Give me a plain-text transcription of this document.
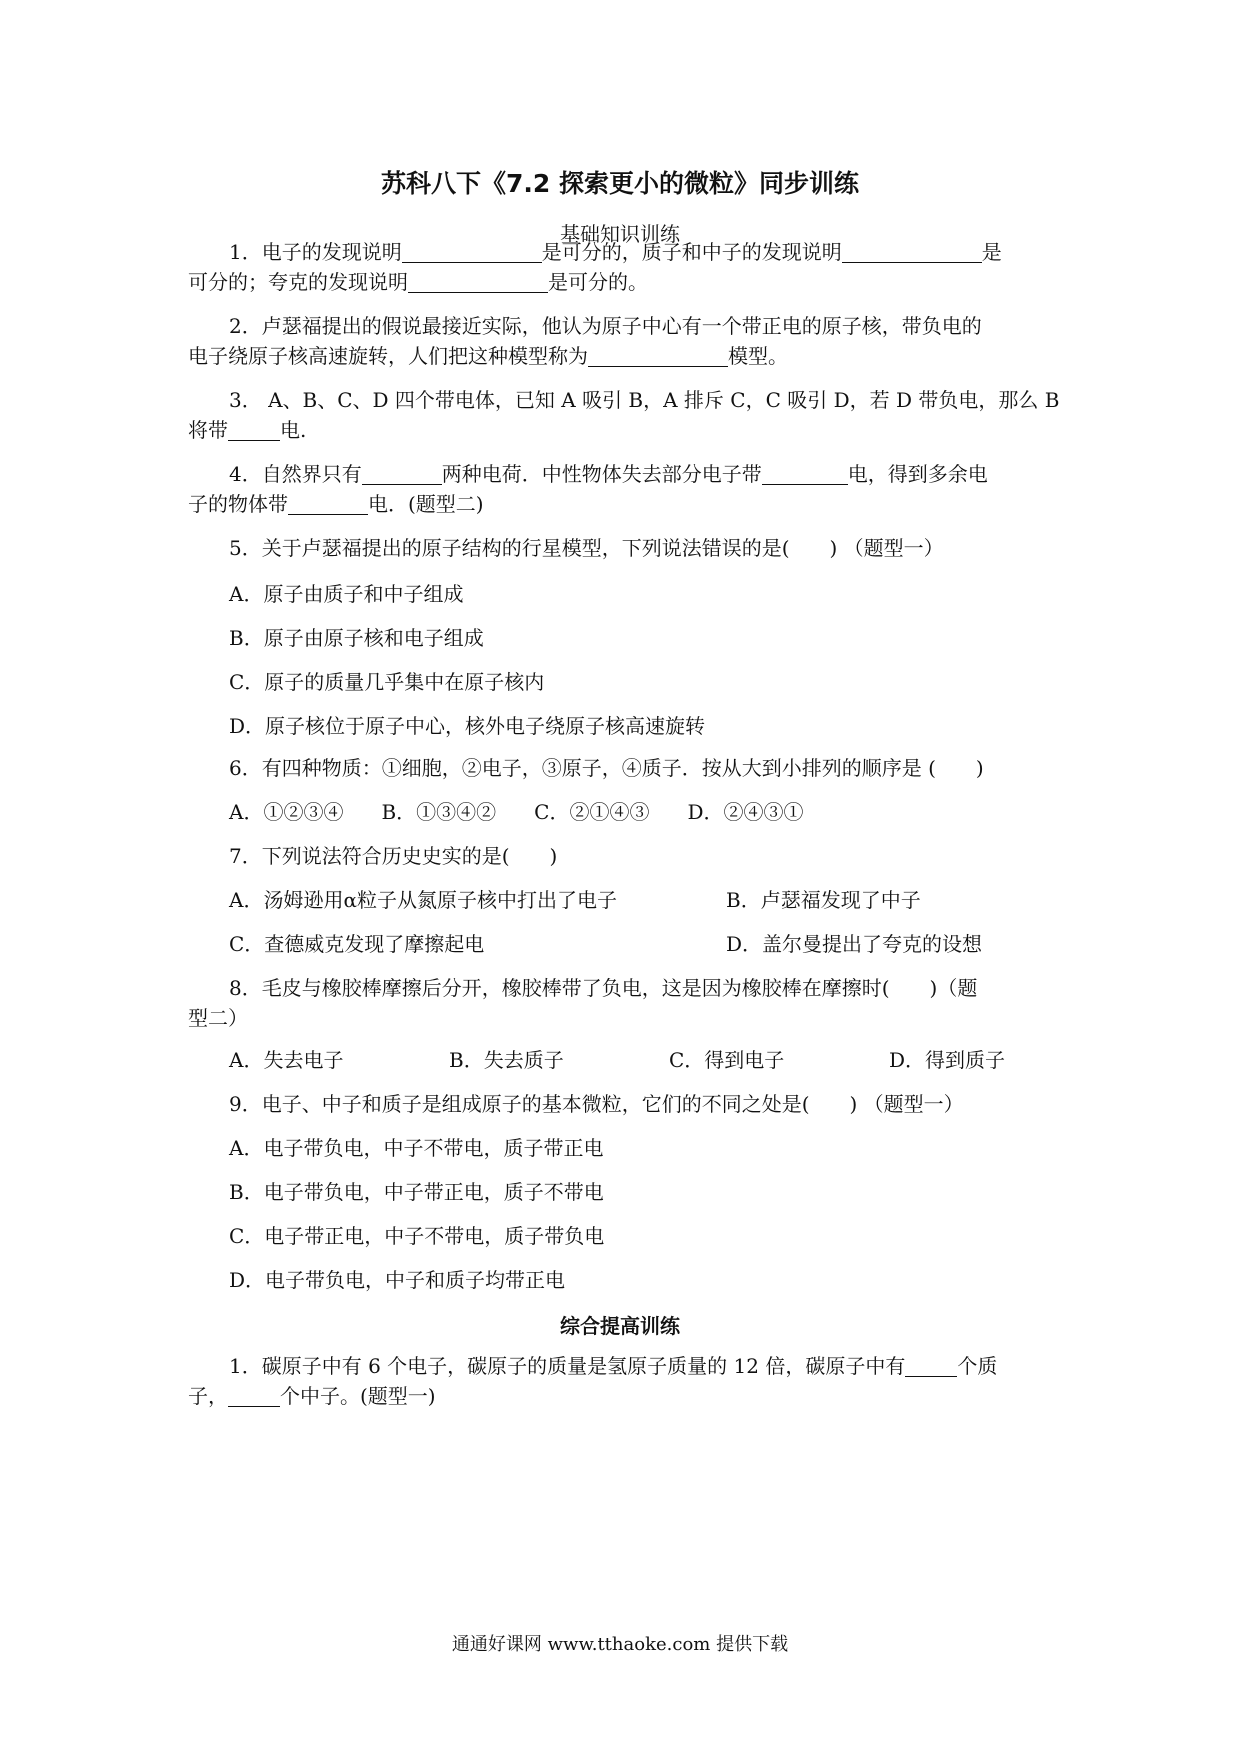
苏科八下《7.2 探索更小的微粒》同步训练
基础知识训练
1．电子的发现说明	是可分的，质子和中子的发现说明	是
可分的；夸克的发现说明	是可分的。
2．卢瑟福提出的假说最接近实际，他认为原子中心有一个带正电的原子核，带负电的
电子绕原子核高速旋转，人们把这种模型称为	模型。
3． A、B、C、D 四个带电体，已知 A 吸引 B，A 排斥 C，C 吸引 D，若 D 带负电，那么 B
将带	电.
4．自然界只有	两种电荷．中性物体失去部分电子带	电，得到多余电
子的物体带	电．(题型二)
5．关于卢瑟福提出的原子结构的行星模型，下列说法错误的是(　　) （题型一）
A．原子由质子和中子组成
B．原子由原子核和电子组成
C．原子的质量几乎集中在原子核内
D．原子核位于原子中心，核外电子绕原子核高速旋转
6．有四种物质：①细胞，②电子，③原子，④质子．按从大到小排列的顺序是 (　　)
A．①②③④ B．①③④② C．②①④③ D．②④③①
7．下列说法符合历史史实的是(　　)
A．汤姆逊用α粒子从氮原子核中打出了电子	B．卢瑟福发现了中子
C．查德威克发现了摩擦起电	D．盖尔曼提出了夸克的设想
8．毛皮与橡胶棒摩擦后分开，橡胶棒带了负电，这是因为橡胶棒在摩擦时(　　)（题
型二）
A．失去电子	B．失去质子	C．得到电子	D．得到质子
9．电子、中子和质子是组成原子的基本微粒，它们的不同之处是(　　) （题型一）
A．电子带负电，中子不带电，质子带正电
B．电子带负电，中子带正电，质子不带电
C．电子带正电，中子不带电，质子带负电
D．电子带负电，中子和质子均带正电
综合提高训练
1．碳原子中有 6 个电子，碳原子的质量是氢原子质量的 12 倍，碳原子中有	个质
子，	个中子。(题型一)
通通好课网 www.tthaoke.com 提供下载
